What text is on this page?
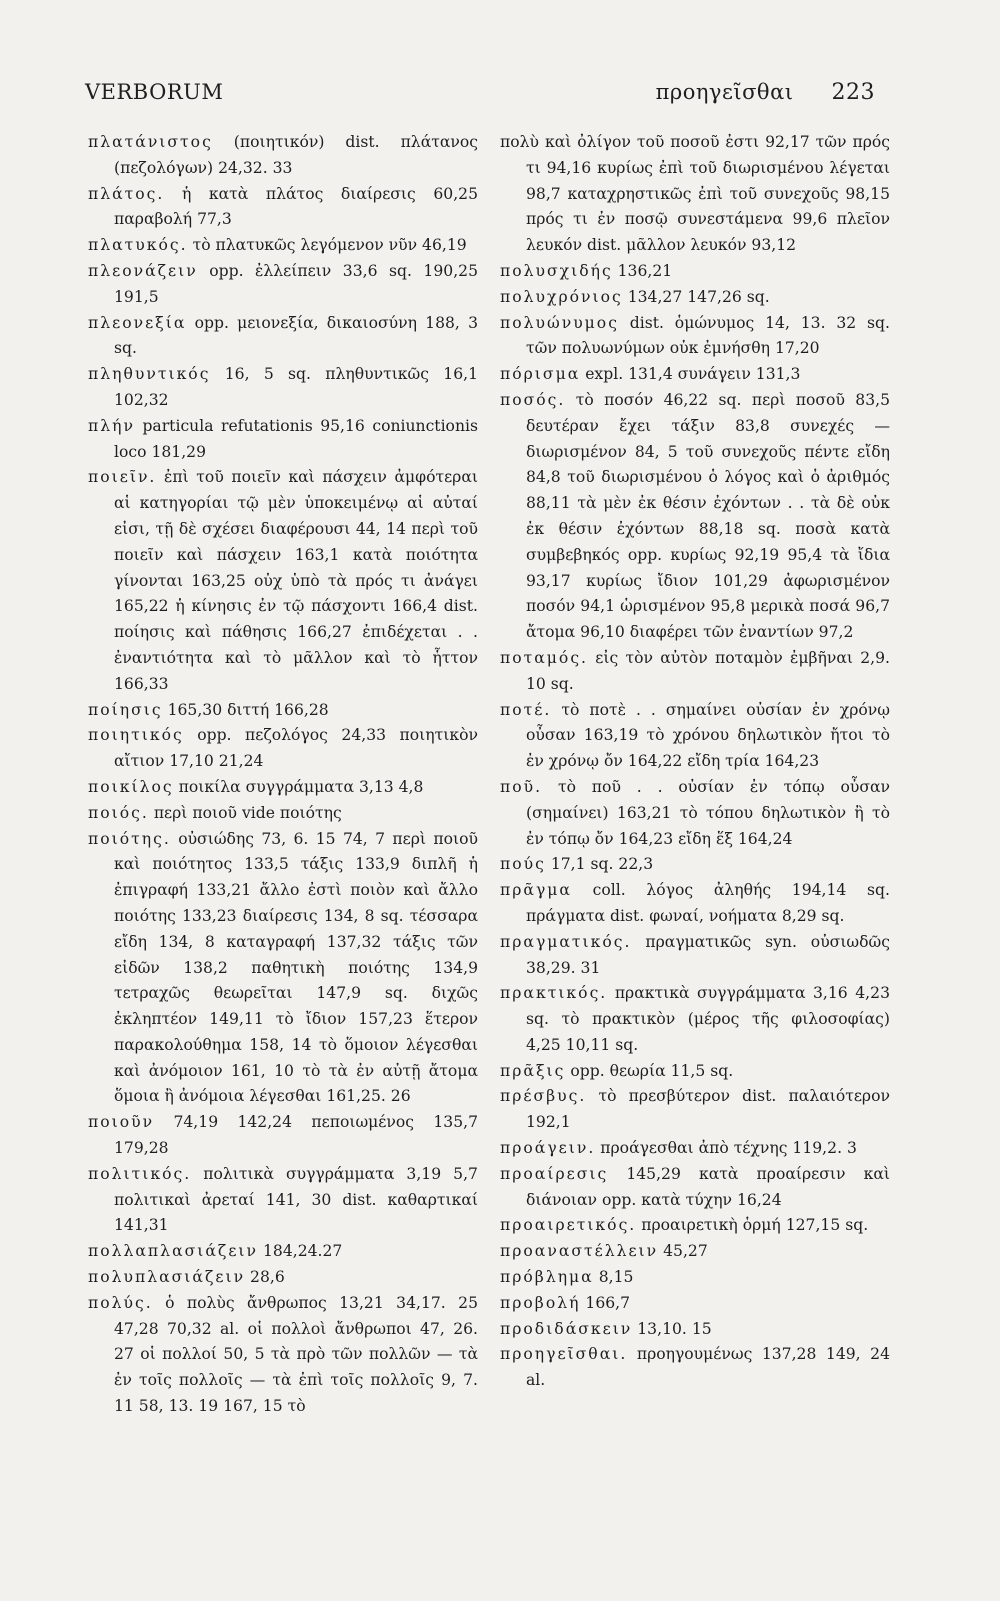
VERBORUM	προηγεῖσθαι 223
πλατάνιστος (ποιητικόν) dist. πλάτανος (πεζολόγων) 24,32. 33
πλάτος. ἡ κατὰ πλάτος διαίρεσις 60,25 παραβολή 77,3
πλατυκός. τὸ πλατυκῶς λεγόμενον νῦν 46,19
πλεονάζειν opp. ἐλλείπειν 33,6 sq. 190,25 191,5
πλεονεξία opp. μειονεξία, δικαιοσύνη 188, 3 sq.
πληθυντικός 16, 5 sq. πληθυντικῶς 16,1 102,32
πλήν particula refutationis 95,16 coniunctionis loco 181,29
ποιεῖν. ἐπὶ τοῦ ποιεῖν καὶ πάσχειν ἀμφότεραι αἱ κατηγορίαι τῷ μὲν ὑποκειμένῳ αἱ αὐταί εἰσι, τῇ δὲ σχέσει διαφέρουσι 44, 14 περὶ τοῦ ποιεῖν καὶ πάσχειν 163,1 κατὰ ποιότητα γίνονται 163,25 οὐχ ὑπὸ τὰ πρός τι ἀνάγει 165,22 ἡ κίνησις ἐν τῷ πάσχοντι 166,4 dist. ποίησις καὶ πάθησις 166,27 ἐπιδέχεται . . ἐναντιότητα καὶ τὸ μᾶλλον καὶ τὸ ἧττον 166,33
ποίησις 165,30 διττή 166,28
ποιητικός opp. πεζολόγος 24,33 ποιητικὸν αἴτιον 17,10 21,24
ποικίλος ποικίλα συγγράμματα 3,13 4,8
ποιός. περὶ ποιοῦ vide ποιότης
ποιότης. οὐσιώδης 73, 6. 15 74, 7 περὶ ποιοῦ καὶ ποιότητος 133,5 τάξις 133,9 διπλῆ ἡ ἐπιγραφή 133,21 ἄλλο ἐστὶ ποιὸν καὶ ἄλλο ποιότης 133,23 διαίρεσις 134, 8 sq. τέσσαρα εἴδη 134, 8 καταγραφή 137,32 τάξις τῶν εἰδῶν 138,2 παθητικὴ ποιότης 134,9 τετραχῶς θεωρεῖται 147,9 sq. διχῶς ἐκληπτέον 149,11 τὸ ἴδιον 157,23 ἕτερον παρακολούθημα 158, 14 τὸ ὅμοιον λέγεσθαι καὶ ἀνόμοιον 161, 10 τὸ τὰ ἐν αὐτῇ ἄτομα ὅμοια ἢ ἀνόμοια λέγεσθαι 161,25. 26
ποιοῦν 74,19 142,24 πεποιωμένος 135,7 179,28
πολιτικός. πολιτικὰ συγγράμματα 3,19 5,7 πολιτικαὶ ἀρεταί 141, 30 dist. καθαρτικαί 141,31
πολλαπλασιάζειν 184,24.27
πολυπλασιάζειν 28,6
πολύς. ὁ πολὺς ἄνθρωπος 13,21 34,17. 25 47,28 70,32 al. οἱ πολλοὶ ἄνθρωποι 47, 26. 27 οἱ πολλοί 50, 5 τὰ πρὸ τῶν πολλῶν — τὰ ἐν τοῖς πολλοῖς — τὰ ἐπὶ τοῖς πολλοῖς 9, 7. 11 58, 13. 19 167, 15 τὸ
πολὺ καὶ ὀλίγον τοῦ ποσοῦ ἐστι 92,17 τῶν πρός τι 94,16 κυρίως ἐπὶ τοῦ διωρισμένου λέγεται 98,7 καταχρηστικῶς ἐπὶ τοῦ συνεχοῦς 98,15 πρός τι ἐν ποσῷ συνεστάμενα 99,6 πλεῖον λευκόν dist. μᾶλλον λευκόν 93,12
πολυσχιδής 136,21
πολυχρόνιος 134,27 147,26 sq.
πολυώνυμος dist. ὁμώνυμος 14, 13. 32 sq. τῶν πολυωνύμων οὐκ ἐμνήσθη 17,20
πόρισμα expl. 131,4 συνάγειν 131,3
ποσός. τὸ ποσόν 46,22 sq. περὶ ποσοῦ 83,5 δευτέραν ἔχει τάξιν 83,8 συνεχές — διωρισμένον 84, 5 τοῦ συνεχοῦς πέντε εἴδη 84,8 τοῦ διωρισμένου ὁ λόγος καὶ ὁ ἀριθμός 88,11 τὰ μὲν ἐκ θέσιν ἐχόντων . . τὰ δὲ οὐκ ἐκ θέσιν ἐχόντων 88,18 sq. ποσὰ κατὰ συμβεβηκός opp. κυρίως 92,19 95,4 τὰ ἴδια 93,17 κυρίως ἴδιον 101,29 ἀφωρισμένον ποσόν 94,1 ὡρισμένον 95,8 μερικὰ ποσά 96,7 ἄτομα 96,10 διαφέρει τῶν ἐναντίων 97,2
ποταμός. εἰς τὸν αὐτὸν ποταμὸν ἐμβῆναι 2,9. 10 sq.
ποτέ. τὸ ποτὲ . . σημαίνει οὐσίαν ἐν χρόνῳ οὖσαν 163,19 τὸ χρόνου δηλωτικὸν ἤτοι τὸ ἐν χρόνῳ ὄν 164,22 εἴδη τρία 164,23
ποῦ. τὸ ποῦ . . οὐσίαν ἐν τόπῳ οὖσαν (σημαίνει) 163,21 τὸ τόπου δηλωτικὸν ἢ τὸ ἐν τόπῳ ὄν 164,23 εἴδη ἕξ 164,24
πούς 17,1 sq. 22,3
πρᾶγμα coll. λόγος ἀληθής 194,14 sq. πράγματα dist. φωναί, νοήματα 8,29 sq.
πραγματικός. πραγματικῶς syn. οὐσιωδῶς 38,29. 31
πρακτικός. πρακτικὰ συγγράμματα 3,16 4,23 sq. τὸ πρακτικὸν (μέρος τῆς φιλοσοφίας) 4,25 10,11 sq.
πρᾶξις opp. θεωρία 11,5 sq.
πρέσβυς. τὸ πρεσβύτερον dist. παλαιότερον 192,1
προάγειν. προάγεσθαι ἀπὸ τέχνης 119,2. 3
προαίρεσις 145,29 κατὰ προαίρεσιν καὶ διάνοιαν opp. κατὰ τύχην 16,24
προαιρετικός. προαιρετικὴ ὁρμή 127,15 sq.
προαναστέλλειν 45,27
πρόβλημα 8,15
προβολή 166,7
προδιδάσκειν 13,10. 15
προηγεῖσθαι. προηγουμένως 137,28 149, 24 al.
